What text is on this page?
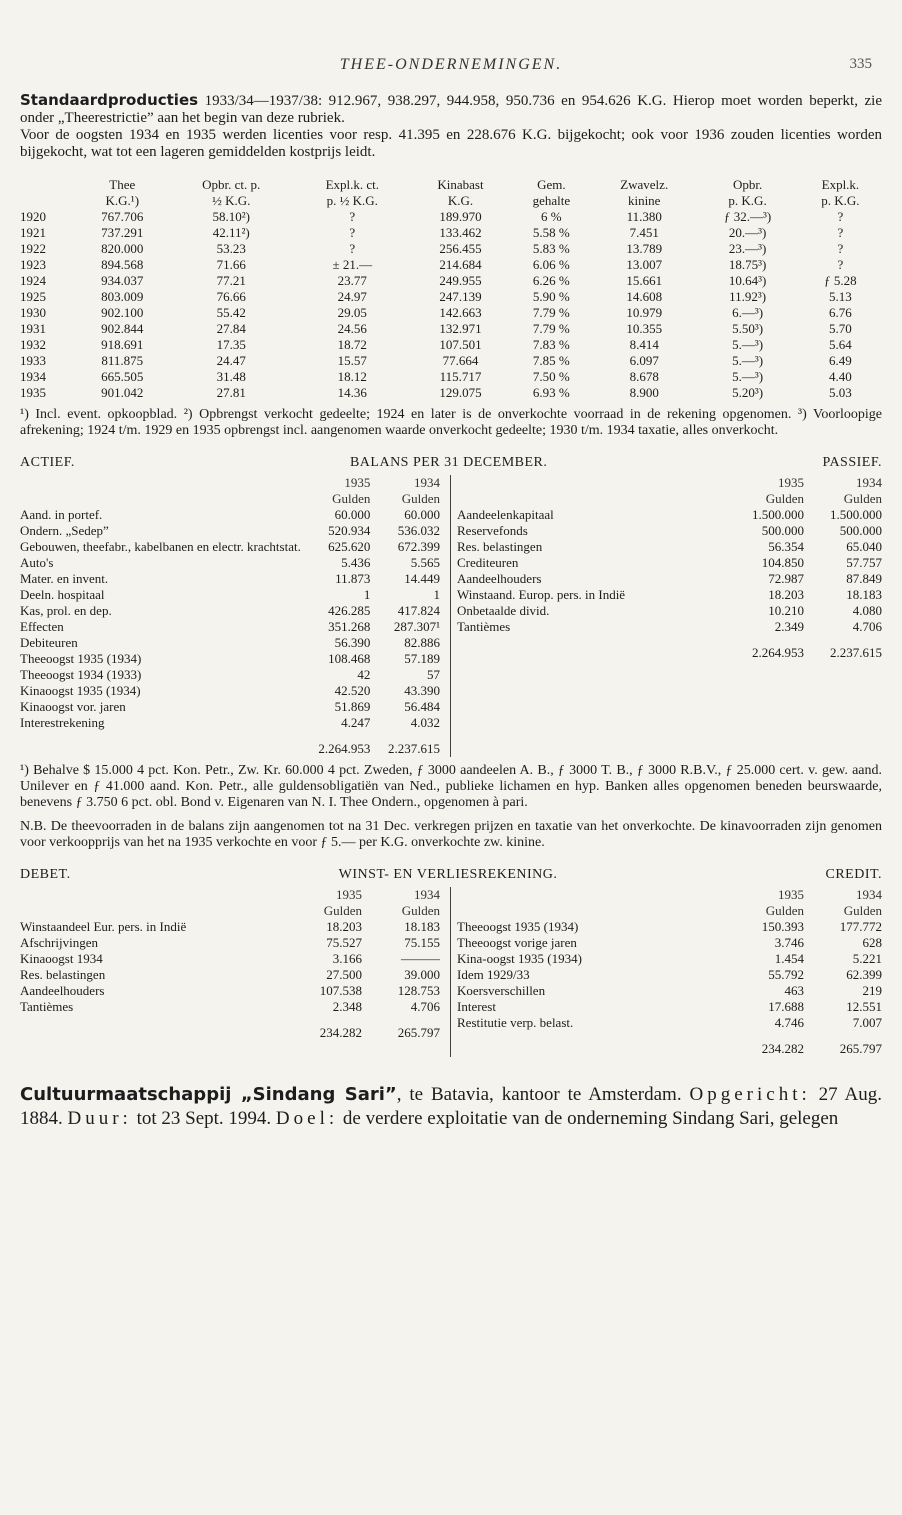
THEE-ONDERNEMINGEN.	335

Standaardproducties 1933/34—1937/38: 912.967, 938.297, 944.958, 950.736 en 954.626 K.G. Hierop moet worden beperkt, zie onder „Theerestrictie” aan het begin van deze rubriek.

Voor de oogsten 1934 en 1935 werden licenties voor resp. 41.395 en 228.676 K.G. bijgekocht; ook voor 1936 zouden licenties worden bijgekocht, wat tot een lageren gemiddelden kostprijs leidt.

	Thee	Opbr. ct. p.	Expl.k. ct.	Kinabast	Gem.	Zwavelz.	Opbr.	Expl.k.
	K.G.¹)	½ K.G.	p. ½ K.G.	K.G.	gehalte	kinine	p. K.G.	p. K.G.
1920	767.706	58.10²)	?	189.970	6 %	11.380	ƒ 32.—³)	?
1921	737.291	42.11²)	?	133.462	5.58 %	7.451	20.—³)	?
1922	820.000	53.23	?	256.455	5.83 %	13.789	23.—³)	?
1923	894.568	71.66	± 21.—	214.684	6.06 %	13.007	18.75³)	?
1924	934.037	77.21	23.77	249.955	6.26 %	15.661	10.64³)	ƒ 5.28
1925	803.009	76.66	24.97	247.139	5.90 %	14.608	11.92³)	5.13
1930	902.100	55.42	29.05	142.663	7.79 %	10.979	6.—³)	6.76
1931	902.844	27.84	24.56	132.971	7.79 %	10.355	5.50³)	5.70
1932	918.691	17.35	18.72	107.501	7.83 %	8.414	5.—³)	5.64
1933	811.875	24.47	15.57	77.664	7.85 %	6.097	5.—³)	6.49
1934	665.505	31.48	18.12	115.717	7.50 %	8.678	5.—³)	4.40
1935	901.042	27.81	14.36	129.075	6.93 %	8.900	5.20³)	5.03

¹) Incl. event. opkoopblad. ²) Opbrengst verkocht gedeelte; 1924 en later is de onverkochte voorraad in de rekening opgenomen. ³) Voorloopige afrekening; 1924 t/m. 1929 en 1935 opbrengst incl. aangenomen waarde onverkocht gedeelte; 1930 t/m. 1934 taxatie, alles onverkocht.

ACTIEF.	BALANS PER 31 DECEMBER.	PASSIEF.
	1935	1934
	Gulden	Gulden
Aand. in portef.	60.000	60.000
Ondern. „Sedep”	520.934	536.032
Gebouwen, theefabr., kabelbanen en electr. krachtstat.	625.620	672.399
Auto's	5.436	5.565
Mater. en invent.	11.873	14.449
Deeln. hospitaal	1	1
Kas, prol. en dep.	426.285	417.824
Effecten	351.268	287.307¹
Debiteuren	56.390	82.886
Theeoogst 1935 (1934)	108.468	57.189
Theeoogst 1934 (1933)	42	57
Kinaoogst 1935 (1934)	42.520	43.390
Kinaoogst vor. jaren	51.869	56.484
Interestrekening	4.247	4.032
	2.264.953	2.237.615
	1935	1934
	Gulden	Gulden
Aandeelenkapitaal	1.500.000	1.500.000
Reservefonds	500.000	500.000
Res. belastingen	56.354	65.040
Crediteuren	104.850	57.757
Aandeelhouders	72.987	87.849
Winstaand. Europ. pers. in Indië	18.203	18.183
Onbetaalde divid.	10.210	4.080
Tantièmes	2.349	4.706
	2.264.953	2.237.615

¹) Behalve $ 15.000 4 pct. Kon. Petr., Zw. Kr. 60.000 4 pct. Zweden, ƒ 3000 aandeelen A. B., ƒ 3000 T. B., ƒ 3000 R.B.V., ƒ 25.000 cert. v. gew. aand. Unilever en ƒ 41.000 aand. Kon. Petr., alle guldensobligatiën van Ned., publieke lichamen en hyp. Banken alles opgenomen beneden beurswaarde, benevens ƒ 3.750 6 pct. obl. Bond v. Eigenaren van N. I. Thee Ondern., opgenomen à pari.

N.B. De theevoorraden in de balans zijn aangenomen tot na 31 Dec. verkregen prijzen en taxatie van het onverkochte. De kinavoorraden zijn genomen voor verkoopprijs van het na 1935 verkochte en voor ƒ 5.— per K.G. onverkochte zw. kinine.

DEBET.	WINST- EN VERLIESREKENING.	CREDIT.
	1935	1934
	Gulden	Gulden
Winstaandeel Eur. pers. in Indië	18.203	18.183
Afschrijvingen	75.527	75.155
Kinaoogst 1934	3.166	———
Res. belastingen	27.500	39.000
Aandeelhouders	107.538	128.753
Tantièmes	2.348	4.706
	234.282	265.797
	1935	1934
	Gulden	Gulden
Theeoogst 1935 (1934)	150.393	177.772
Theeoogst vorige jaren	3.746	628
Kina-oogst 1935 (1934)	1.454	5.221
Idem 1929/33	55.792	62.399
Koersverschillen	463	219
Interest	17.688	12.551
Restitutie verp. belast.	4.746	7.007
	234.282	265.797

Cultuurmaatschappij „Sindang Sari”, te Batavia, kantoor te Amsterdam. Opgericht: 27 Aug. 1884. Duur: tot 23 Sept. 1994. Doel: de verdere exploitatie van de onderneming Sindang Sari, gelegen
